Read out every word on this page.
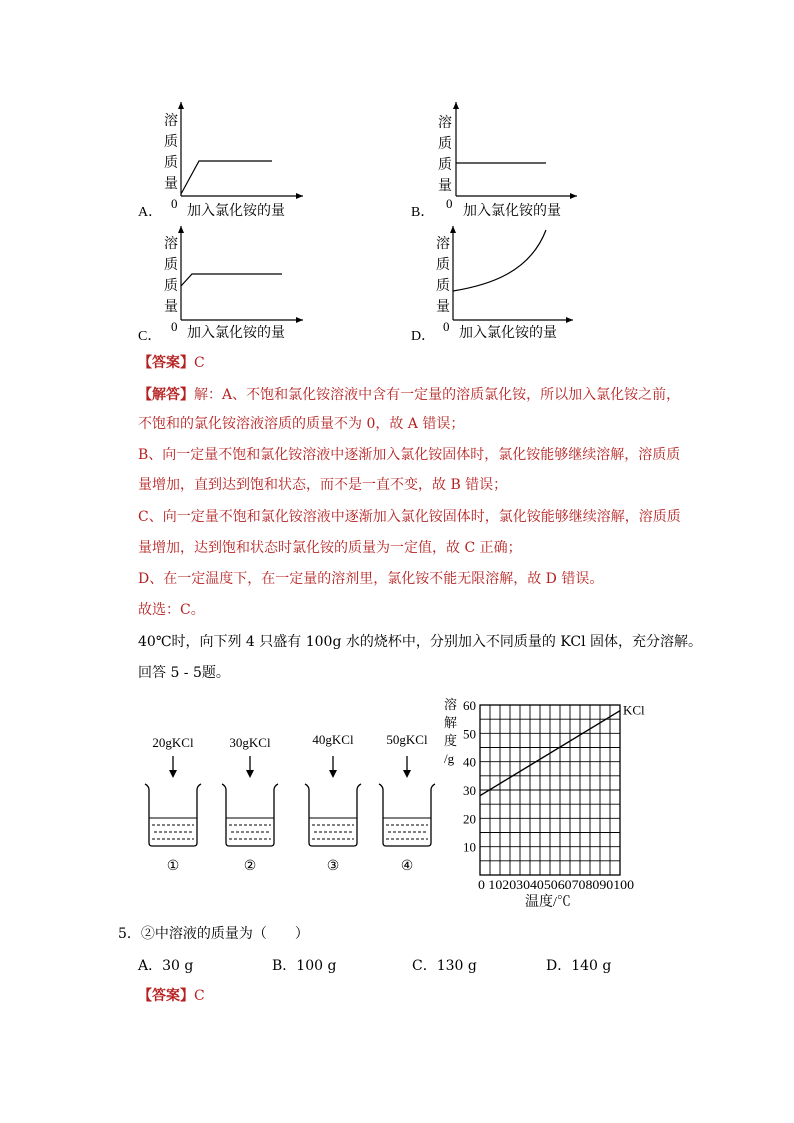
溶
质
质
量
0
加入氯化铵的量
A．
溶
质
质
量
0
加入氯化铵的量
B．
溶
质
质
量
0 加入氯化铵的量
C．
溶
质
质
量
0 加入氯化铵的量
D．
【答案】C
【解答】解：A、不饱和氯化铵溶液中含有一定量的溶质氯化铵，所以加入氯化铵之前，
不饱和的氯化铵溶液溶质的质量不为 0，故 A 错误；
B、向一定量不饱和氯化铵溶液中逐渐加入氯化铵固体时，氯化铵能够继续溶解，溶质质
量增加，直到达到饱和状态，而不是一直不变，故 B 错误；
C、向一定量不饱和氯化铵溶液中逐渐加入氯化铵固体时，氯化铵能够继续溶解，溶质质
量增加，达到饱和状态时氯化铵的质量为一定值，故 C 正确；
D、在一定温度下，在一定量的溶剂里，氯化铵不能无限溶解，故 D 错误。
故选：C。
40℃时，向下列 4 只盛有 100g 水的烧杯中，分别加入不同质量的 KCl 固体，充分溶解。
回答 5 - 5题。
20gKCl
①
30gKCl
②
40gKCl
③
50gKCl
④
10
20
30
40
50
60
0 102030405060708090100
温度/℃
溶
解
度
/g
KCl
5．②中溶液的质量为（　　）
A．30 g	B．100 g	C．130 g	D．140 g
【答案】C
